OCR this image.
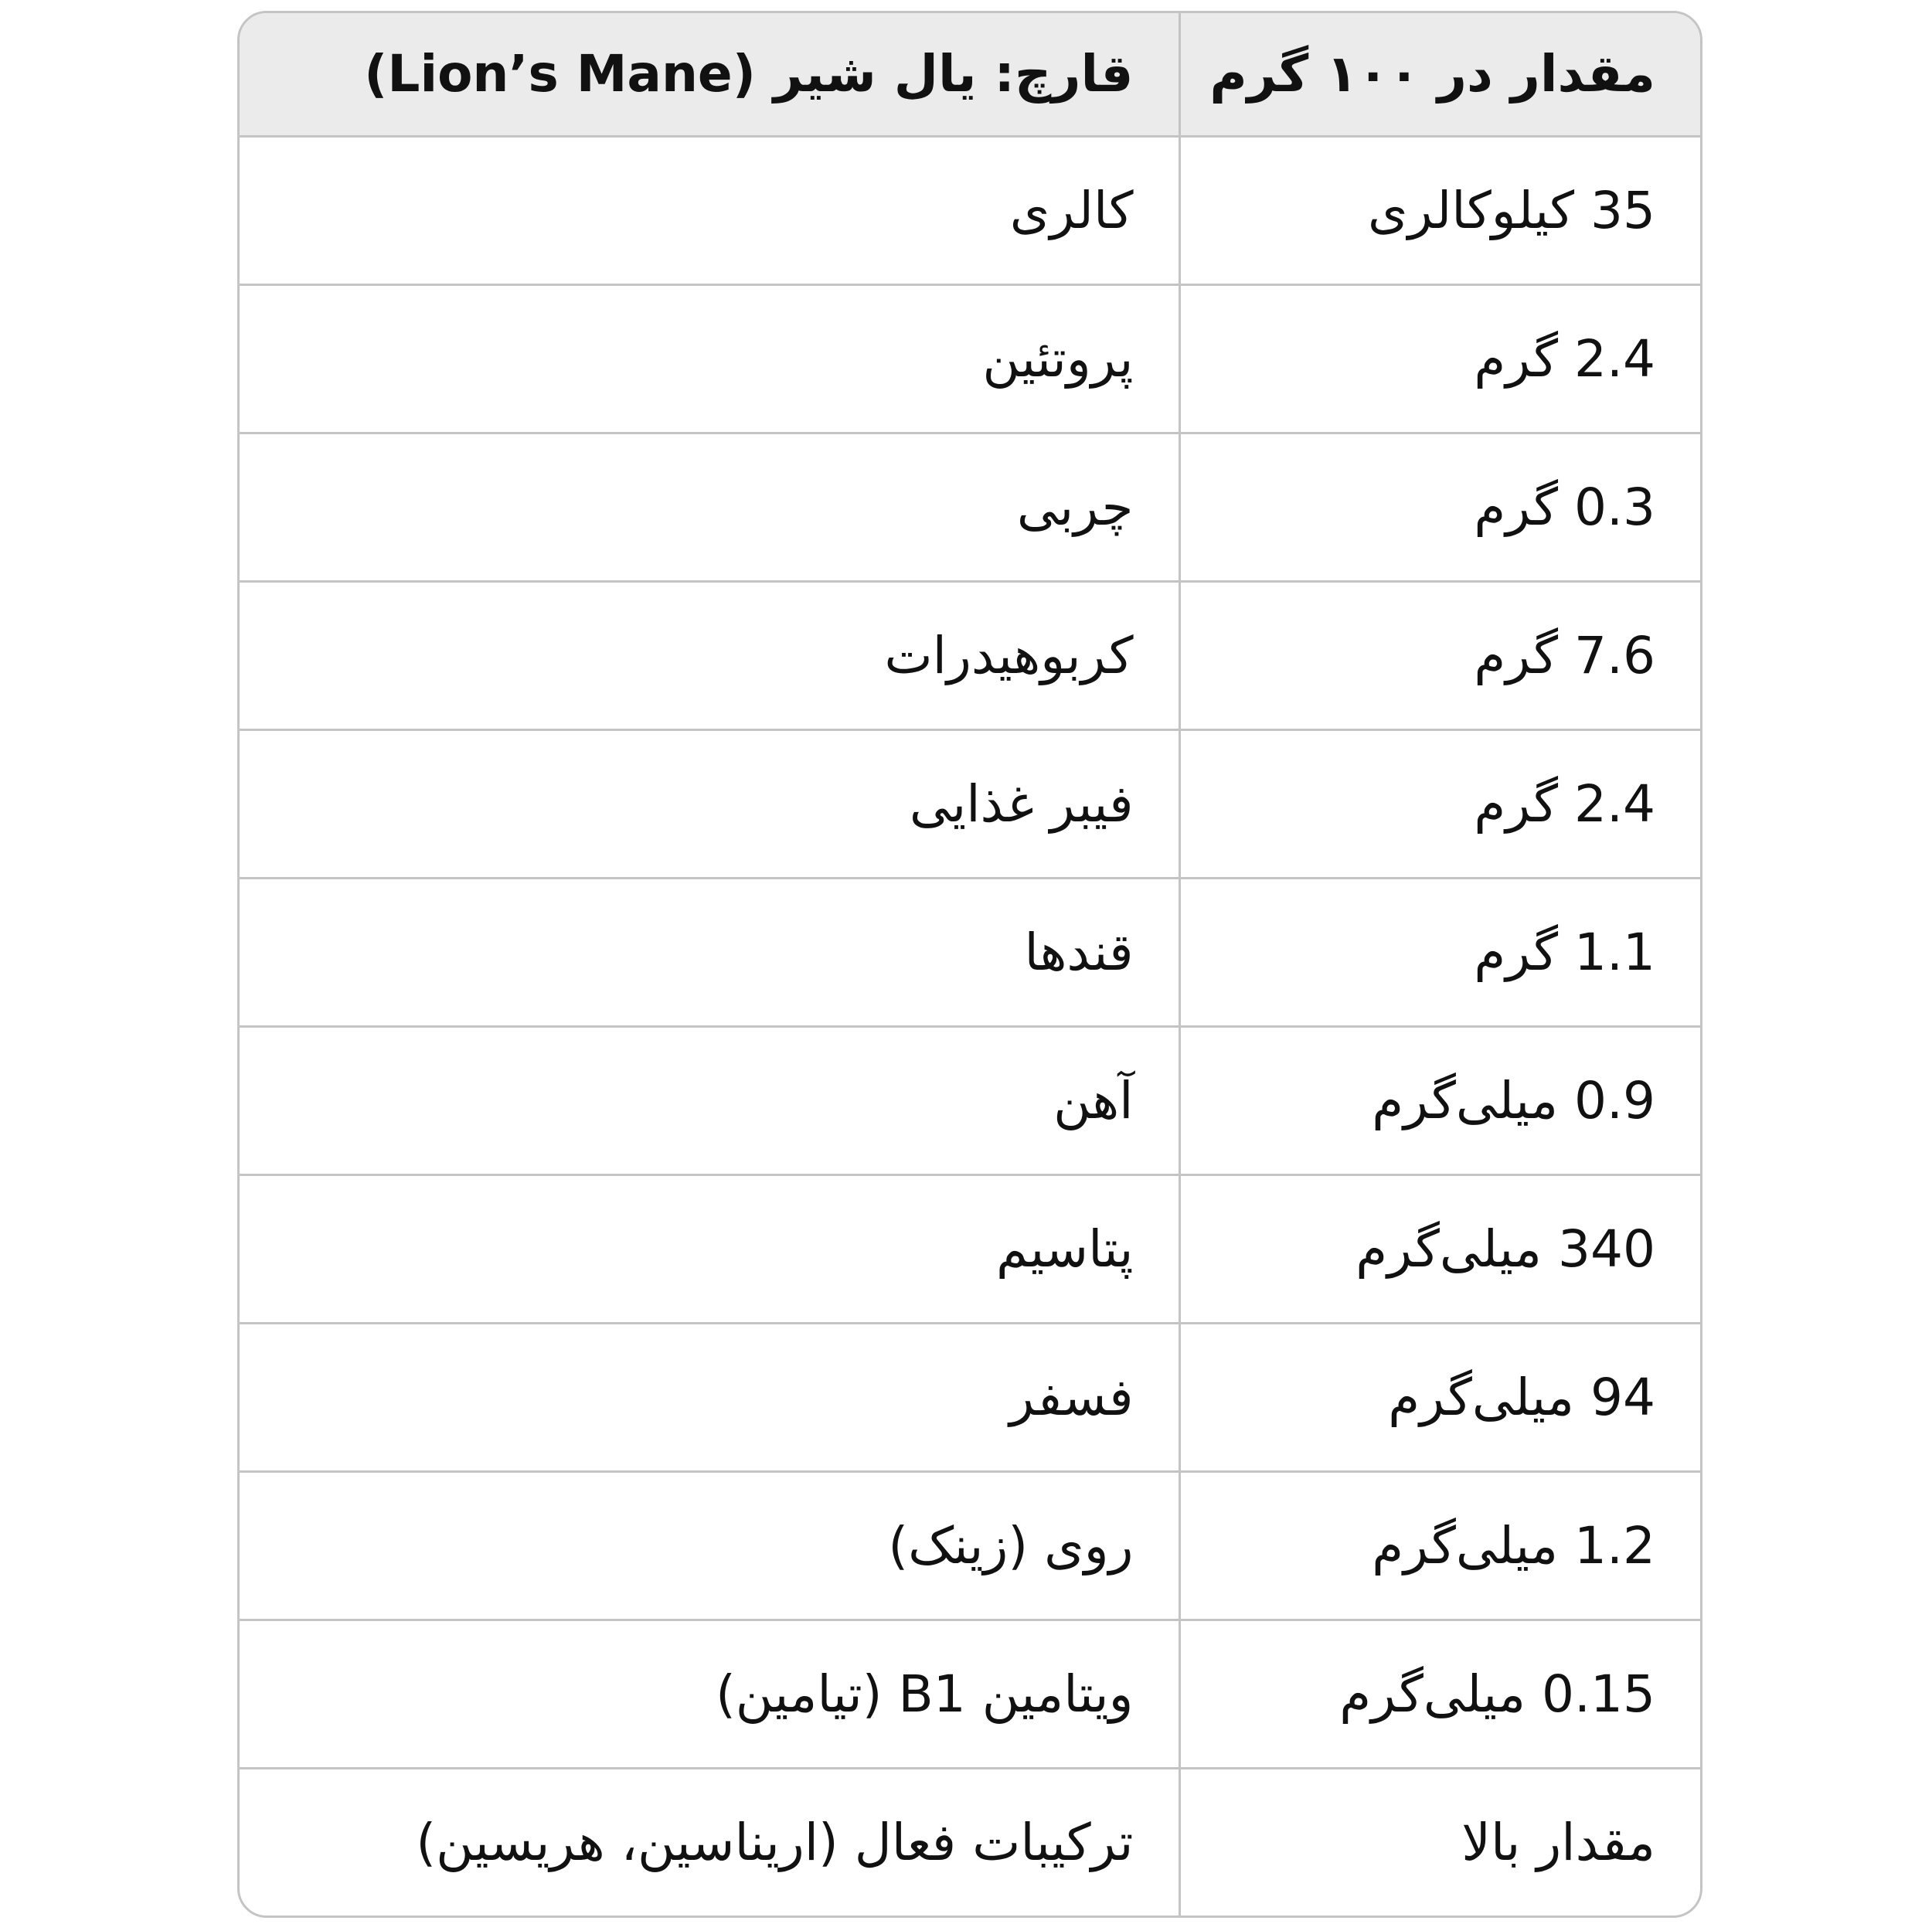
مقدار در ۱۰۰ گرم	قارچ: یال شیر (Lion’s Mane)
35 کیلوکالری	کالری
2.4 گرم	پروتئین
0.3 گرم	چربی
7.6 گرم	کربوهیدرات
2.4 گرم	فیبر غذایی
1.1 گرم	قندها
0.9 میلی‌گرم	آهن
340 میلی‌گرم	پتاسیم
94 میلی‌گرم	فسفر
1.2 میلی‌گرم	روی (زینک)
0.15 میلی‌گرم	ویتامین B1 (تیامین)
مقدار بالا	ترکیبات فعال (اریناسین، هریسین)
